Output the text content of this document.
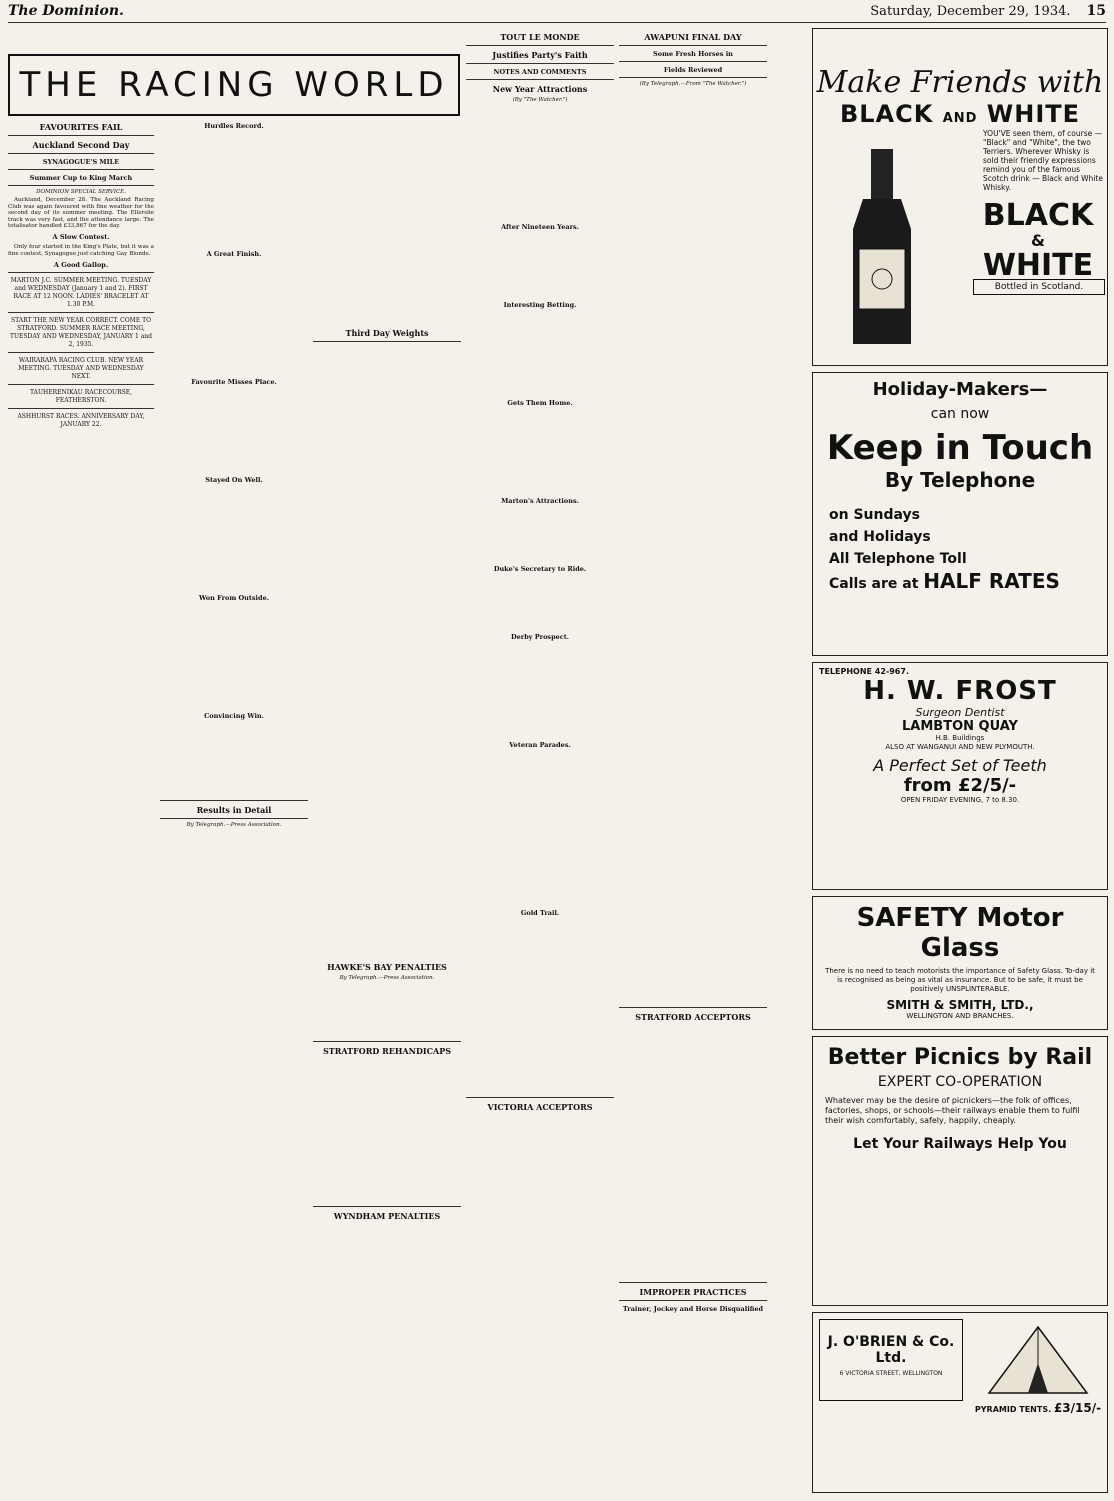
The Dominion.	Saturday, December 29, 1934. 15
THE RACING WORLD
FAVOURITES FAIL
Auckland Second Day
SYNAGOGUE'S MILE
Summer Cup to King March
DOMINION SPECIAL SERVICE.

Auckland, December 28. The Auckland Racing Club was again favoured with fine weather for the second day of its summer meeting. The Ellerslie track was very fast, and the attendance large. The totalisator handled £33,867 for the day.

A Slow Contest.

Only four started in the King's Plate, but it was a fine contest, Synagogue just catching Gay Blonde.

A Good Gallop.
MARTON J.C. SUMMER MEETING. TUESDAY and WEDNESDAY (January 1 and 2). FIRST RACE AT 12 NOON. LADIES' BRACELET AT 1.30 P.M.
START THE NEW YEAR CORRECT. COME TO STRATFORD. SUMMER RACE MEETING, TUESDAY AND WEDNESDAY, JANUARY 1 and 2, 1935.
WAIRARAPA RACING CLUB. NEW YEAR MEETING. TUESDAY AND WEDNESDAY NEXT.
TAUHERENIKAU RACECOURSE, FEATHERSTON.
ASHHURST RACES. ANNIVERSARY DAY, JANUARY 22.
Hurdles Record.
A Great Finish.
Favourite Misses Place.
Stayed On Well.
Won From Outside.
Convincing Win.
Results in Detail
By Telegraph.—Press Association.
Third Day Weights
HAWKE'S BAY PENALTIES
By Telegraph.—Press Association.
STRATFORD REHANDICAPS
WYNDHAM PENALTIES
TOUT LE MONDE
Justifies Party's Faith
NOTES AND COMMENTS
New Year Attractions
(By "The Watcher.")
After Nineteen Years.
Interesting Betting.
Gets Them Home.
Marton's Attractions.
Duke's Secretary to Ride.
Derby Prospect.
Veteran Parades.
Gold Trail.
VICTORIA ACCEPTORS
AWAPUNI FINAL DAY
Some Fresh Horses in
Fields Reviewed
(By Telegraph.—From "The Watcher.")
STRATFORD ACCEPTORS
IMPROPER PRACTICES
Trainer, Jockey and Horse Disqualified
Make Friends with
BLACK AND WHITE
YOU'VE seen them, of course — "Black" and "White", the two Terriers. Wherever Whisky is sold their friendly expressions remind you of the famous Scotch drink — Black and White Whisky.
BLACK
&
WHITE
Bottled in Scotland.
Holiday-Makers—
can now
Keep in Touch
By Telephone
on Sundays
and Holidays
All Telephone Toll
Calls are at HALF RATES
TELEPHONE 42-967.
H. W. FROST
Surgeon Dentist
LAMBTON QUAY
H.B. Buildings
ALSO AT WANGANUI AND NEW PLYMOUTH.
A Perfect Set of Teeth
from £2/5/-
OPEN FRIDAY EVENING, 7 to 8.30.
SAFETY Motor Glass
There is no need to teach motorists the importance of Safety Glass. To-day it is recognised as being as vital as insurance. But to be safe, it must be positively UNSPLINTERABLE.
SMITH & SMITH, LTD.,
WELLINGTON AND BRANCHES.
Better Picnics by Rail
EXPERT CO-OPERATION
Whatever may be the desire of picnickers—the folk of offices, factories, shops, or schools—their railways enable them to fulfil their wish comfortably, safely, happily, cheaply.
Let Your Railways Help You
J. O'BRIEN & Co. Ltd.
6 VICTORIA STREET, WELLINGTON
PYRAMID TENTS. £3/15/-
